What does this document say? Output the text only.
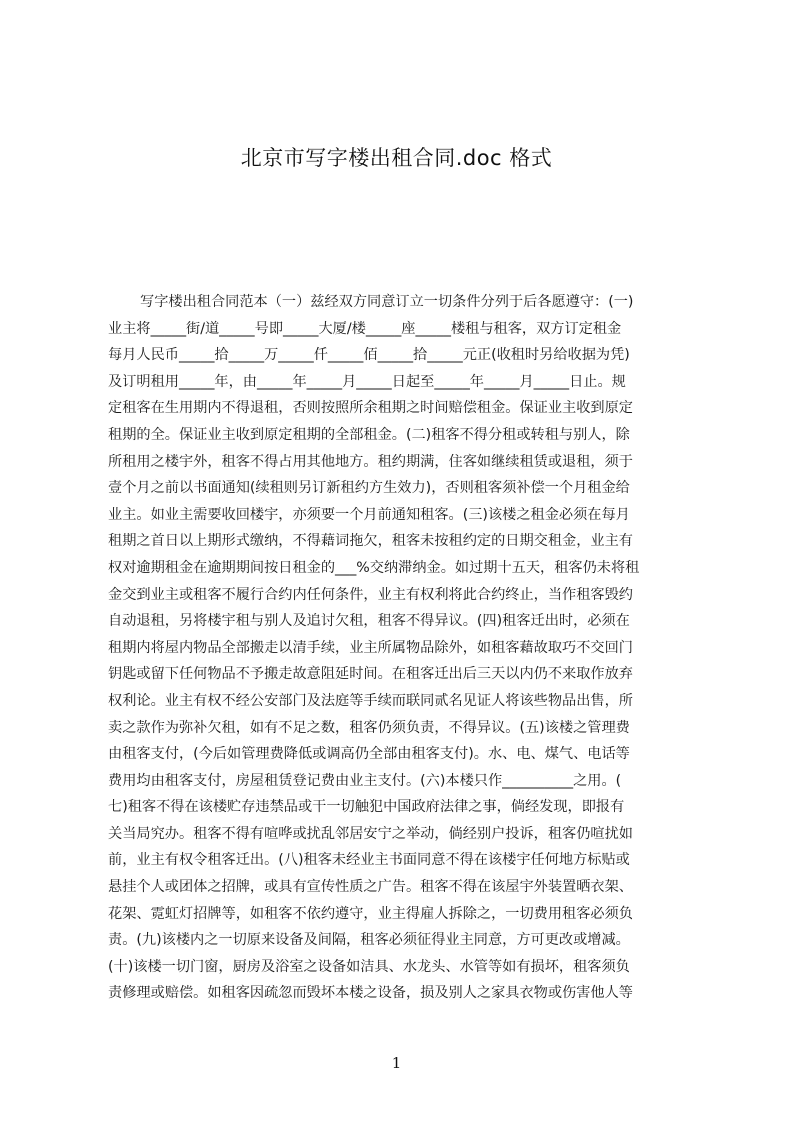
北京市写字楼出租合同.doc 格式
写字楼出租合同范本（一）兹经双方同意订立一切条件分列于后各愿遵守：(一)
业主将_____街/道_____号即_____大厦/楼_____座_____楼租与租客，双方订定租金
每月人民币_____拾_____万_____仟_____佰_____拾_____元正(收租时另给收据为凭)
及订明租用_____年，由_____年_____月_____日起至_____年_____月_____日止。规
定租客在生用期内不得退租，否则按照所余租期之时间赔偿租金。保证业主收到原定
租期的全。保证业主收到原定租期的全部租金。(二)租客不得分租或转租与别人，除
所租用之楼宇外，租客不得占用其他地方。租约期满，住客如继续租赁或退租，须于
壹个月之前以书面通知(续租则另订新租约方生效力)，否则租客须补偿一个月租金给
业主。如业主需要收回楼宇，亦须要一个月前通知租客。(三)该楼之租金必须在每月
租期之首日以上期形式缴纳，不得藉词拖欠，租客未按租约定的日期交租金，业主有
权对逾期租金在逾期期间按日租金的___%交纳滞纳金。如过期十五天，租客仍未将租
金交到业主或租客不履行合约内任何条件，业主有权利将此合约终止，当作租客毁约
自动退租，另将楼宇租与别人及追讨欠租，租客不得异议。(四)租客迁出时，必须在
租期内将屋内物品全部搬走以清手续，业主所属物品除外，如租客藉故取巧不交回门
钥匙或留下任何物品不予搬走故意阻延时间。在租客迁出后三天以内仍不来取作放弃
权利论。业主有权不经公安部门及法庭等手续而联同贰名见证人将该些物品出售，所
卖之款作为弥补欠租，如有不足之数，租客仍须负责，不得异议。(五)该楼之管理费
由租客支付，(今后如管理费降低或调高仍全部由租客支付)。水、电、煤气、电话等
费用均由租客支付，房屋租赁登记费由业主支付。(六)本楼只作__________之用。(
七)租客不得在该楼贮存违禁品或干一切触犯中国政府法律之事，倘经发现，即报有
关当局究办。租客不得有喧哗或扰乱邻居安宁之举动，倘经别户投诉，租客仍喧扰如
前，业主有权令租客迁出。(八)租客未经业主书面同意不得在该楼宇任何地方标贴或
悬挂个人或团体之招牌，或具有宣传性质之广告。租客不得在该屋宇外装置晒衣架、
花架、霓虹灯招牌等，如租客不依约遵守，业主得雇人拆除之，一切费用租客必须负
责。(九)该楼内之一切原来设备及间隔，租客必须征得业主同意，方可更改或增减。
(十)该楼一切门窗，厨房及浴室之设备如洁具、水龙头、水管等如有损坏，租客须负
责修理或赔偿。如租客因疏忽而毁坏本楼之设备，损及别人之家具衣物或伤害他人等
1
